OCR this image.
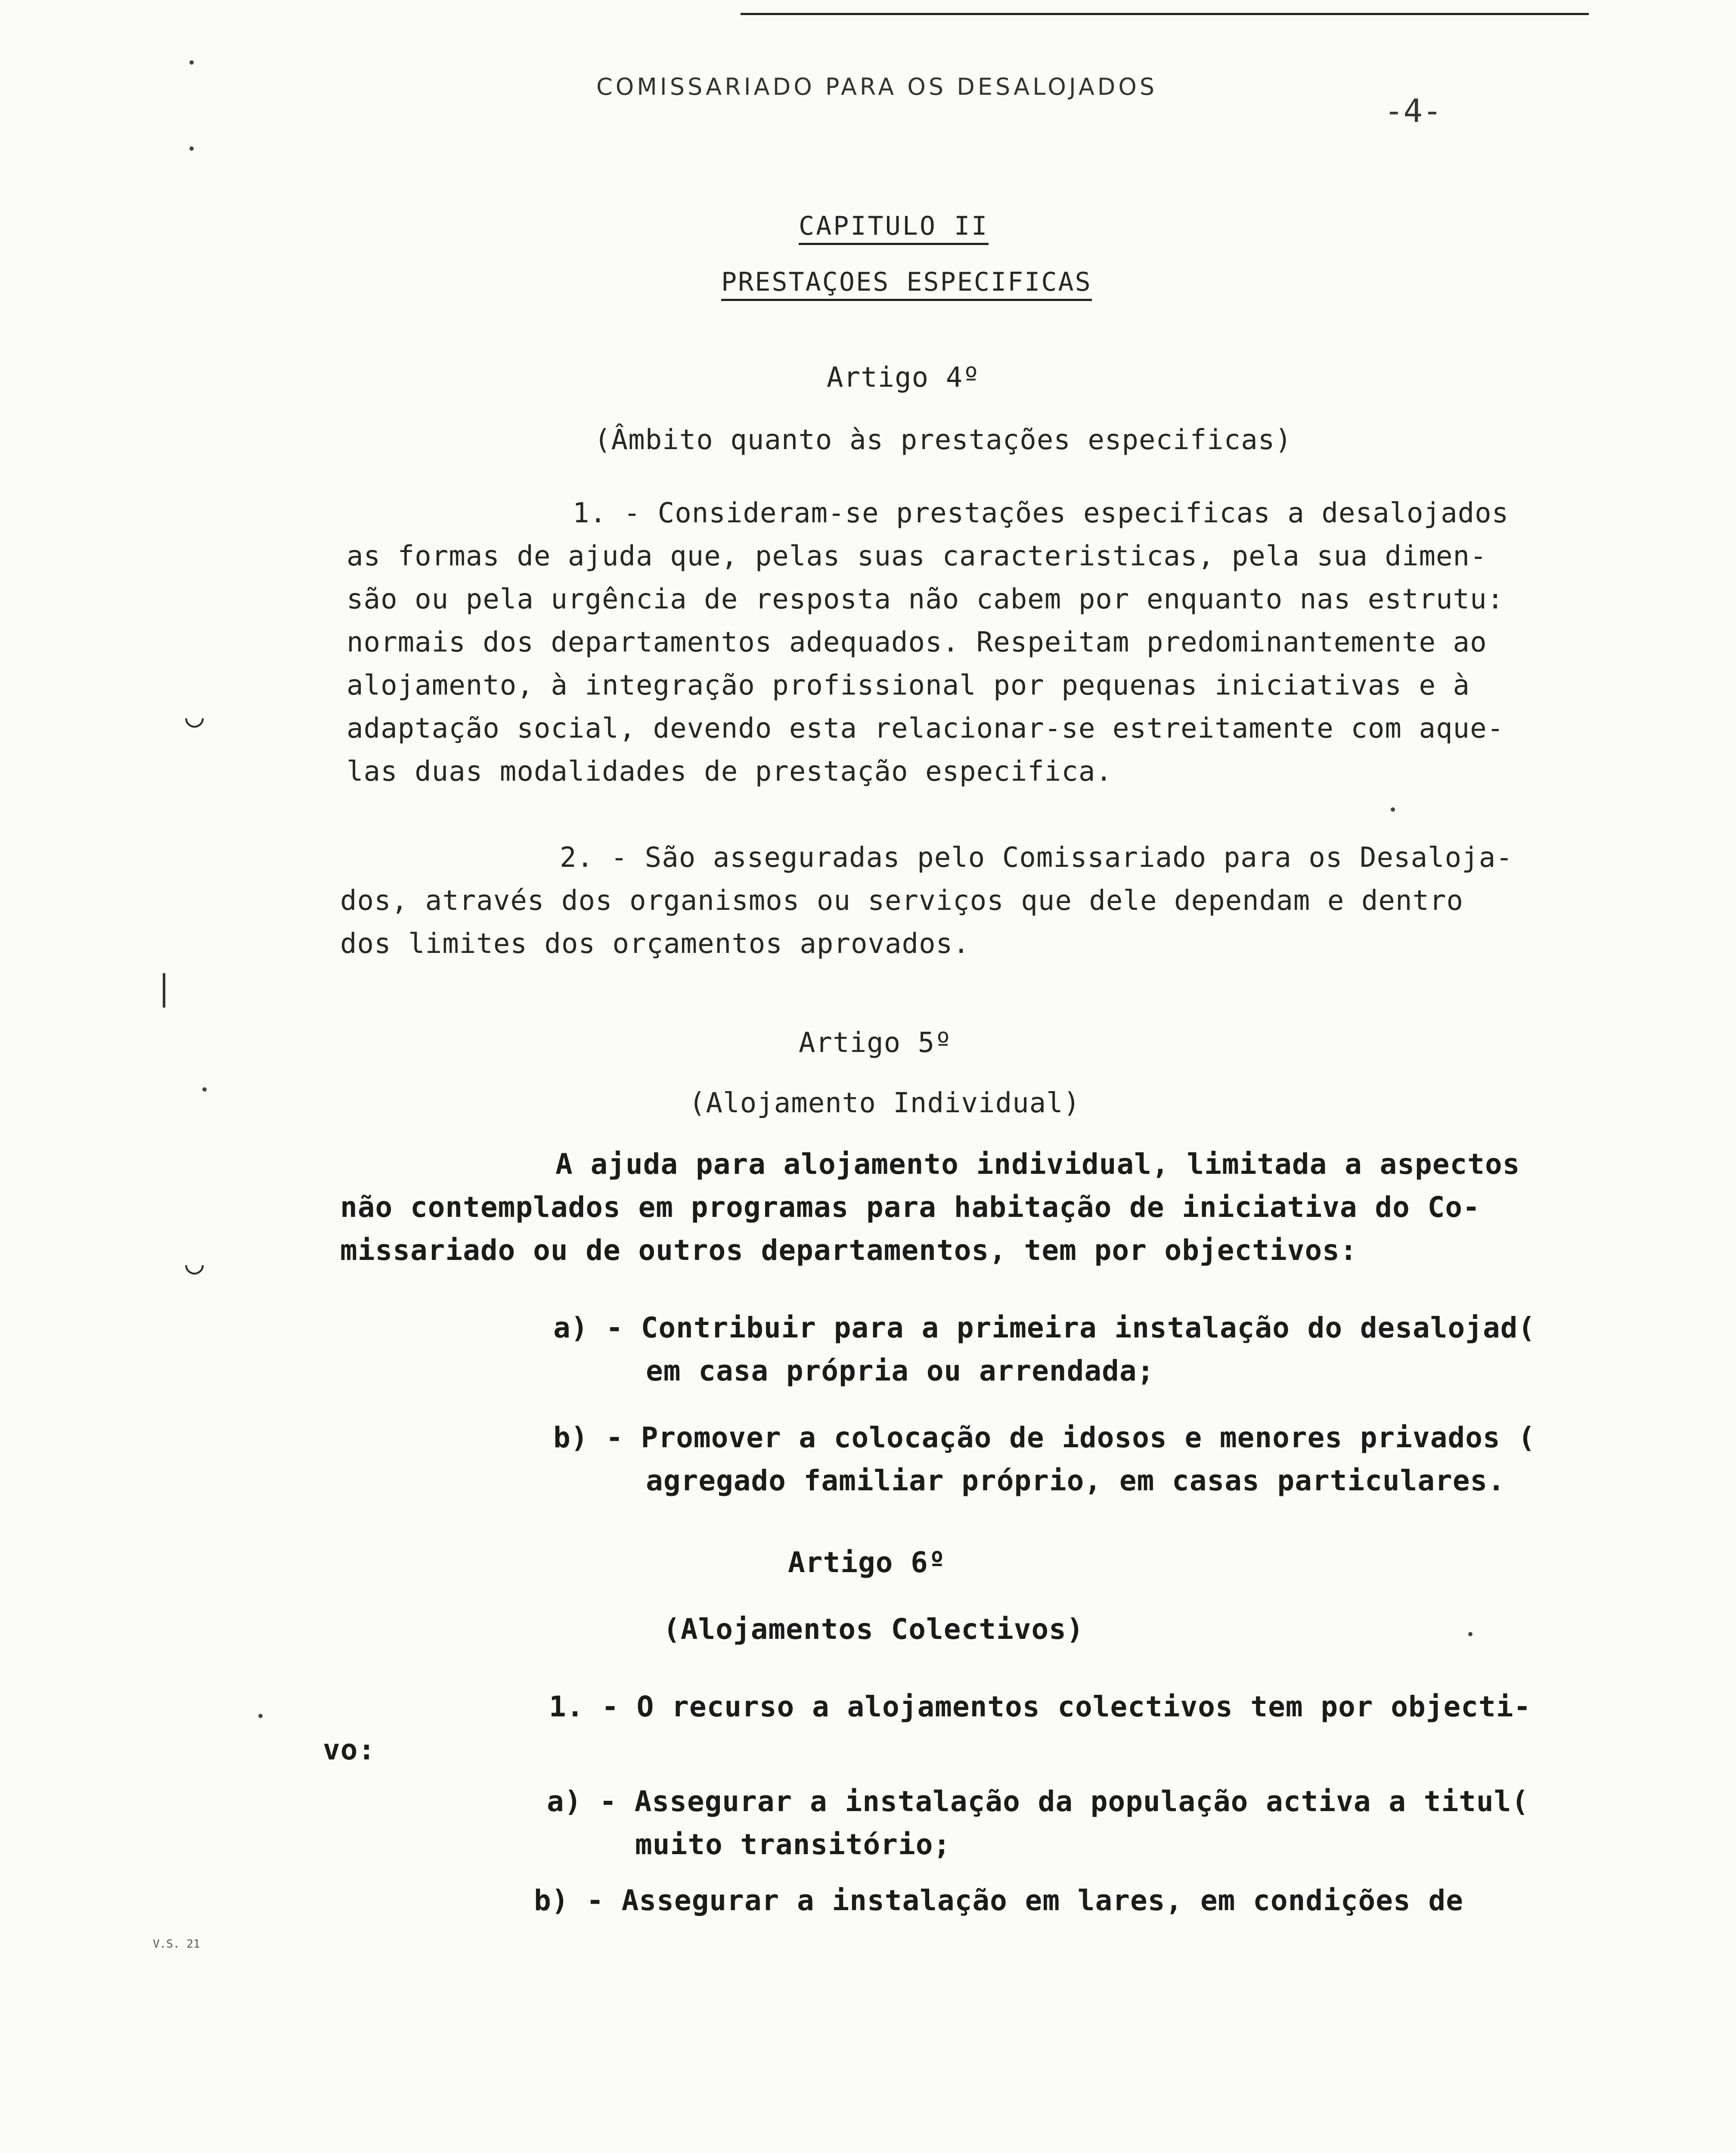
COMISSARIADO PARA OS DESALOJADOS
-4-
CAPITULO II
PRESTAÇOES ESPECIFICAS
Artigo 4º
(Âmbito quanto às prestações especificas)
1. - Consideram-se prestações especificas a desalojados
as formas de ajuda que, pelas suas caracteristicas, pela sua dimen-
são ou pela urgência de resposta não cabem por enquanto nas estrutu:
normais dos departamentos adequados. Respeitam predominantemente ao
alojamento, à integração profissional por pequenas iniciativas e à
adaptação social, devendo esta relacionar-se estreitamente com aque-
las duas modalidades de prestação especifica.
2. - São asseguradas pelo Comissariado para os Desaloja-
dos, através dos organismos ou serviços que dele dependam e dentro
dos limites dos orçamentos aprovados.
Artigo 5º
(Alojamento Individual)
A ajuda para alojamento individual, limitada a aspectos
não contemplados em programas para habitação de iniciativa do Co-
missariado ou de outros departamentos, tem por objectivos:
a) - Contribuir para a primeira instalação do desalojad(
em casa própria ou arrendada;
b) - Promover a colocação de idosos e menores privados (
agregado familiar próprio, em casas particulares.
Artigo 6º
(Alojamentos Colectivos)
1. - O recurso a alojamentos colectivos tem por objecti-
vo:
a) - Assegurar a instalação da população activa a titul(
muito transitório;
b) - Assegurar a instalação em lares, em condições de
V.S. 21
◡
◡
